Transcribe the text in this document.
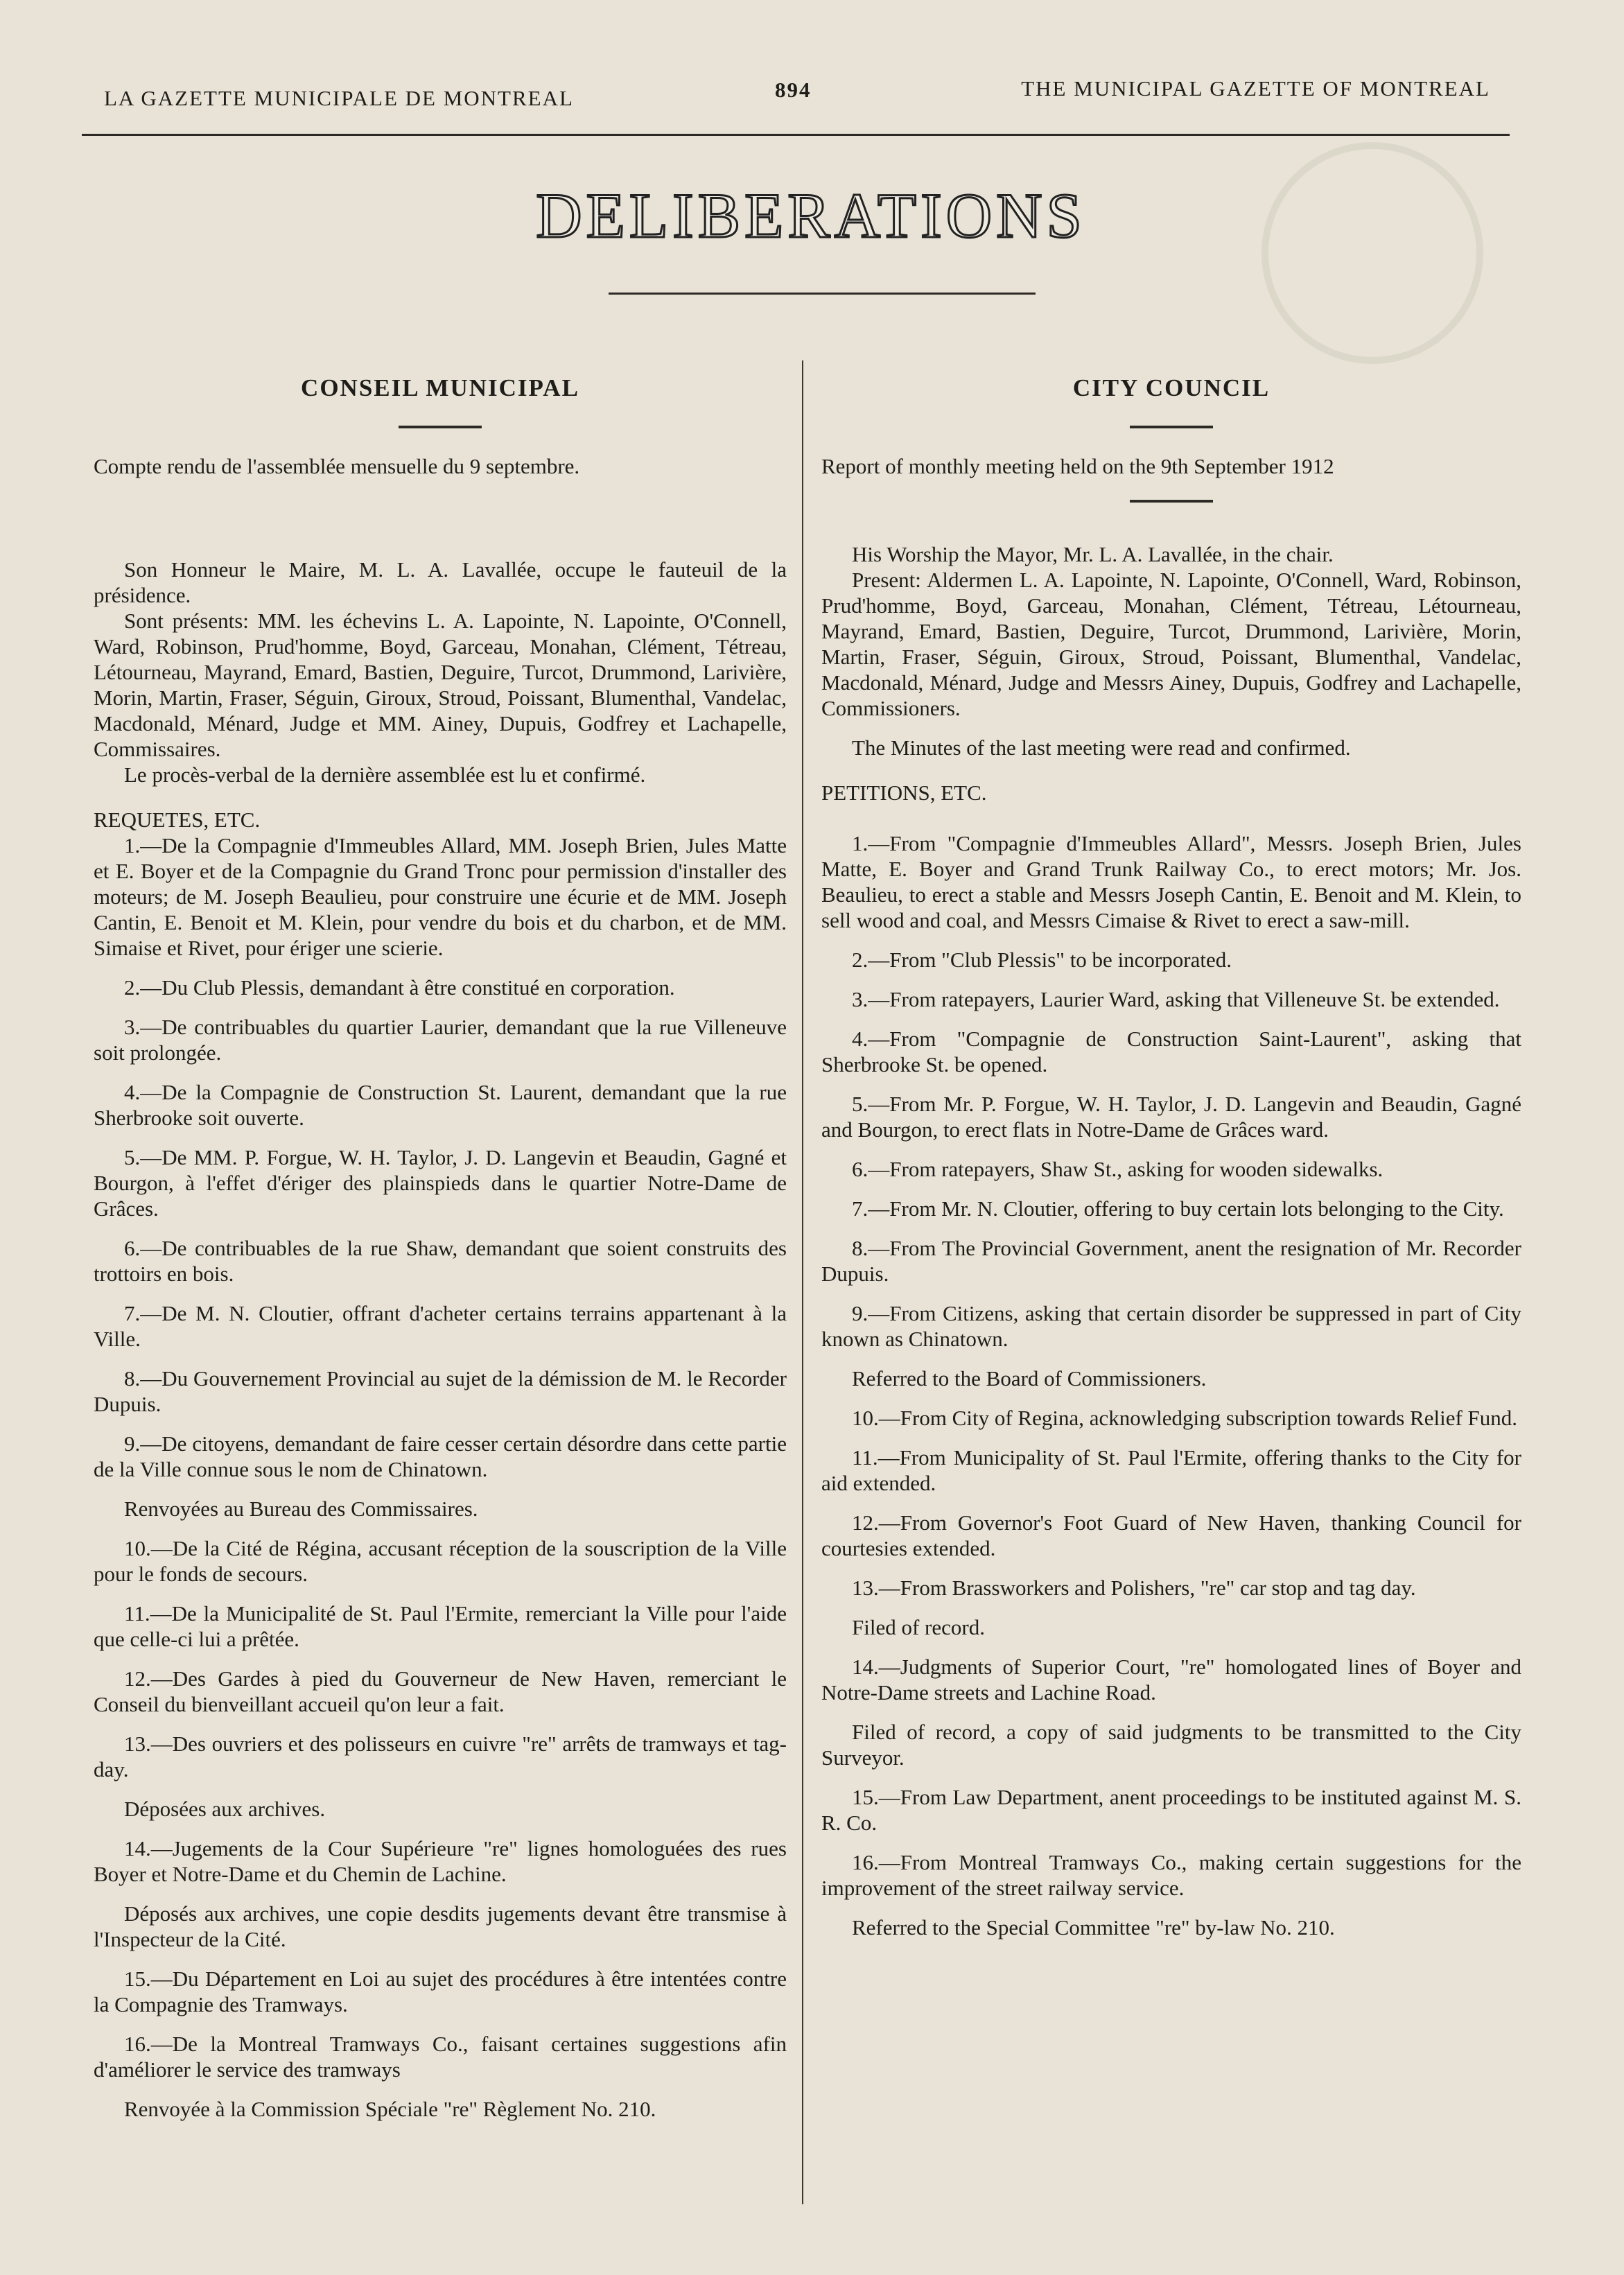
LA GAZETTE MUNICIPALE DE MONTREAL	894	THE MUNICIPAL GAZETTE OF MONTREAL
DELIBERATIONS
CONSEIL MUNICIPAL

Compte rendu de l'assemblée mensuelle du 9 septembre.

Son Honneur le Maire, M. L. A. Lavallée, occupe le fauteuil de la présidence.

Sont présents: MM. les échevins L. A. Lapointe, N. Lapointe, O'Connell, Ward, Robinson, Prud'homme, Boyd, Garceau, Monahan, Clément, Tétreau, Létourneau, Mayrand, Emard, Bastien, Deguire, Turcot, Drummond, Larivière, Morin, Martin, Fraser, Séguin, Giroux, Stroud, Poissant, Blumenthal, Vandelac, Macdonald, Ménard, Judge et MM. Ainey, Dupuis, Godfrey et Lachapelle, Commissaires.

Le procès-verbal de la dernière assemblée est lu et confirmé.

REQUETES, ETC.

1.—De la Compagnie d'Immeubles Allard, MM. Joseph Brien, Jules Matte et E. Boyer et de la Compagnie du Grand Tronc pour permission d'installer des moteurs; de M. Joseph Beaulieu, pour construire une écurie et de MM. Joseph Cantin, E. Benoit et M. Klein, pour vendre du bois et du charbon, et de MM. Simaise et Rivet, pour ériger une scierie.

2.—Du Club Plessis, demandant à être constitué en corporation.

3.—De contribuables du quartier Laurier, demandant que la rue Villeneuve soit prolongée.

4.—De la Compagnie de Construction St. Laurent, demandant que la rue Sherbrooke soit ouverte.

5.—De MM. P. Forgue, W. H. Taylor, J. D. Langevin et Beaudin, Gagné et Bourgon, à l'effet d'ériger des plainspieds dans le quartier Notre-Dame de Grâces.

6.—De contribuables de la rue Shaw, demandant que soient construits des trottoirs en bois.

7.—De M. N. Cloutier, offrant d'acheter certains terrains appartenant à la Ville.

8.—Du Gouvernement Provincial au sujet de la démission de M. le Recorder Dupuis.

9.—De citoyens, demandant de faire cesser certain désordre dans cette partie de la Ville connue sous le nom de Chinatown.

Renvoyées au Bureau des Commissaires.

10.—De la Cité de Régina, accusant réception de la souscription de la Ville pour le fonds de secours.

11.—De la Municipalité de St. Paul l'Ermite, remerciant la Ville pour l'aide que celle-ci lui a prêtée.

12.—Des Gardes à pied du Gouverneur de New Haven, remerciant le Conseil du bienveillant accueil qu'on leur a fait.

13.—Des ouvriers et des polisseurs en cuivre "re" arrêts de tramways et tag-day.

Déposées aux archives.

14.—Jugements de la Cour Supérieure "re" lignes homologuées des rues Boyer et Notre-Dame et du Chemin de Lachine.

Déposés aux archives, une copie desdits jugements devant être transmise à l'Inspecteur de la Cité.

15.—Du Département en Loi au sujet des procédures à être intentées contre la Compagnie des Tramways.

16.—De la Montreal Tramways Co., faisant certaines suggestions afin d'améliorer le service des tramways

Renvoyée à la Commission Spéciale "re" Règlement No. 210.

CITY COUNCIL

Report of monthly meeting held on the 9th September 1912

His Worship the Mayor, Mr. L. A. Lavallée, in the chair.

Present: Aldermen L. A. Lapointe, N. Lapointe, O'Connell, Ward, Robinson, Prud'homme, Boyd, Garceau, Monahan, Clément, Tétreau, Létourneau, Mayrand, Emard, Bastien, Deguire, Turcot, Drummond, Larivière, Morin, Martin, Fraser, Séguin, Giroux, Stroud, Poissant, Blumenthal, Vandelac, Macdonald, Ménard, Judge and Messrs Ainey, Dupuis, Godfrey and Lachapelle, Commissioners.

The Minutes of the last meeting were read and confirmed.

PETITIONS, ETC.

1.—From "Compagnie d'Immeubles Allard", Messrs. Joseph Brien, Jules Matte, E. Boyer and Grand Trunk Railway Co., to erect motors; Mr. Jos. Beaulieu, to erect a stable and Messrs Joseph Cantin, E. Benoit and M. Klein, to sell wood and coal, and Messrs Cimaise & Rivet to erect a saw-mill.

2.—From "Club Plessis" to be incorporated.

3.—From ratepayers, Laurier Ward, asking that Villeneuve St. be extended.

4.—From "Compagnie de Construction Saint-Laurent", asking that Sherbrooke St. be opened.

5.—From Mr. P. Forgue, W. H. Taylor, J. D. Langevin and Beaudin, Gagné and Bourgon, to erect flats in Notre-Dame de Grâces ward.

6.—From ratepayers, Shaw St., asking for wooden sidewalks.

7.—From Mr. N. Cloutier, offering to buy certain lots belonging to the City.

8.—From The Provincial Government, anent the resignation of Mr. Recorder Dupuis.

9.—From Citizens, asking that certain disorder be suppressed in part of City known as Chinatown.

Referred to the Board of Commissioners.

10.—From City of Regina, acknowledging subscription towards Relief Fund.

11.—From Municipality of St. Paul l'Ermite, offering thanks to the City for aid extended.

12.—From Governor's Foot Guard of New Haven, thanking Council for courtesies extended.

13.—From Brassworkers and Polishers, "re" car stop and tag day.

Filed of record.

14.—Judgments of Superior Court, "re" homologated lines of Boyer and Notre-Dame streets and Lachine Road.

Filed of record, a copy of said judgments to be transmitted to the City Surveyor.

15.—From Law Department, anent proceedings to be instituted against M. S. R. Co.

16.—From Montreal Tramways Co., making certain suggestions for the improvement of the street railway service.

Referred to the Special Committee "re" by-law No. 210.
